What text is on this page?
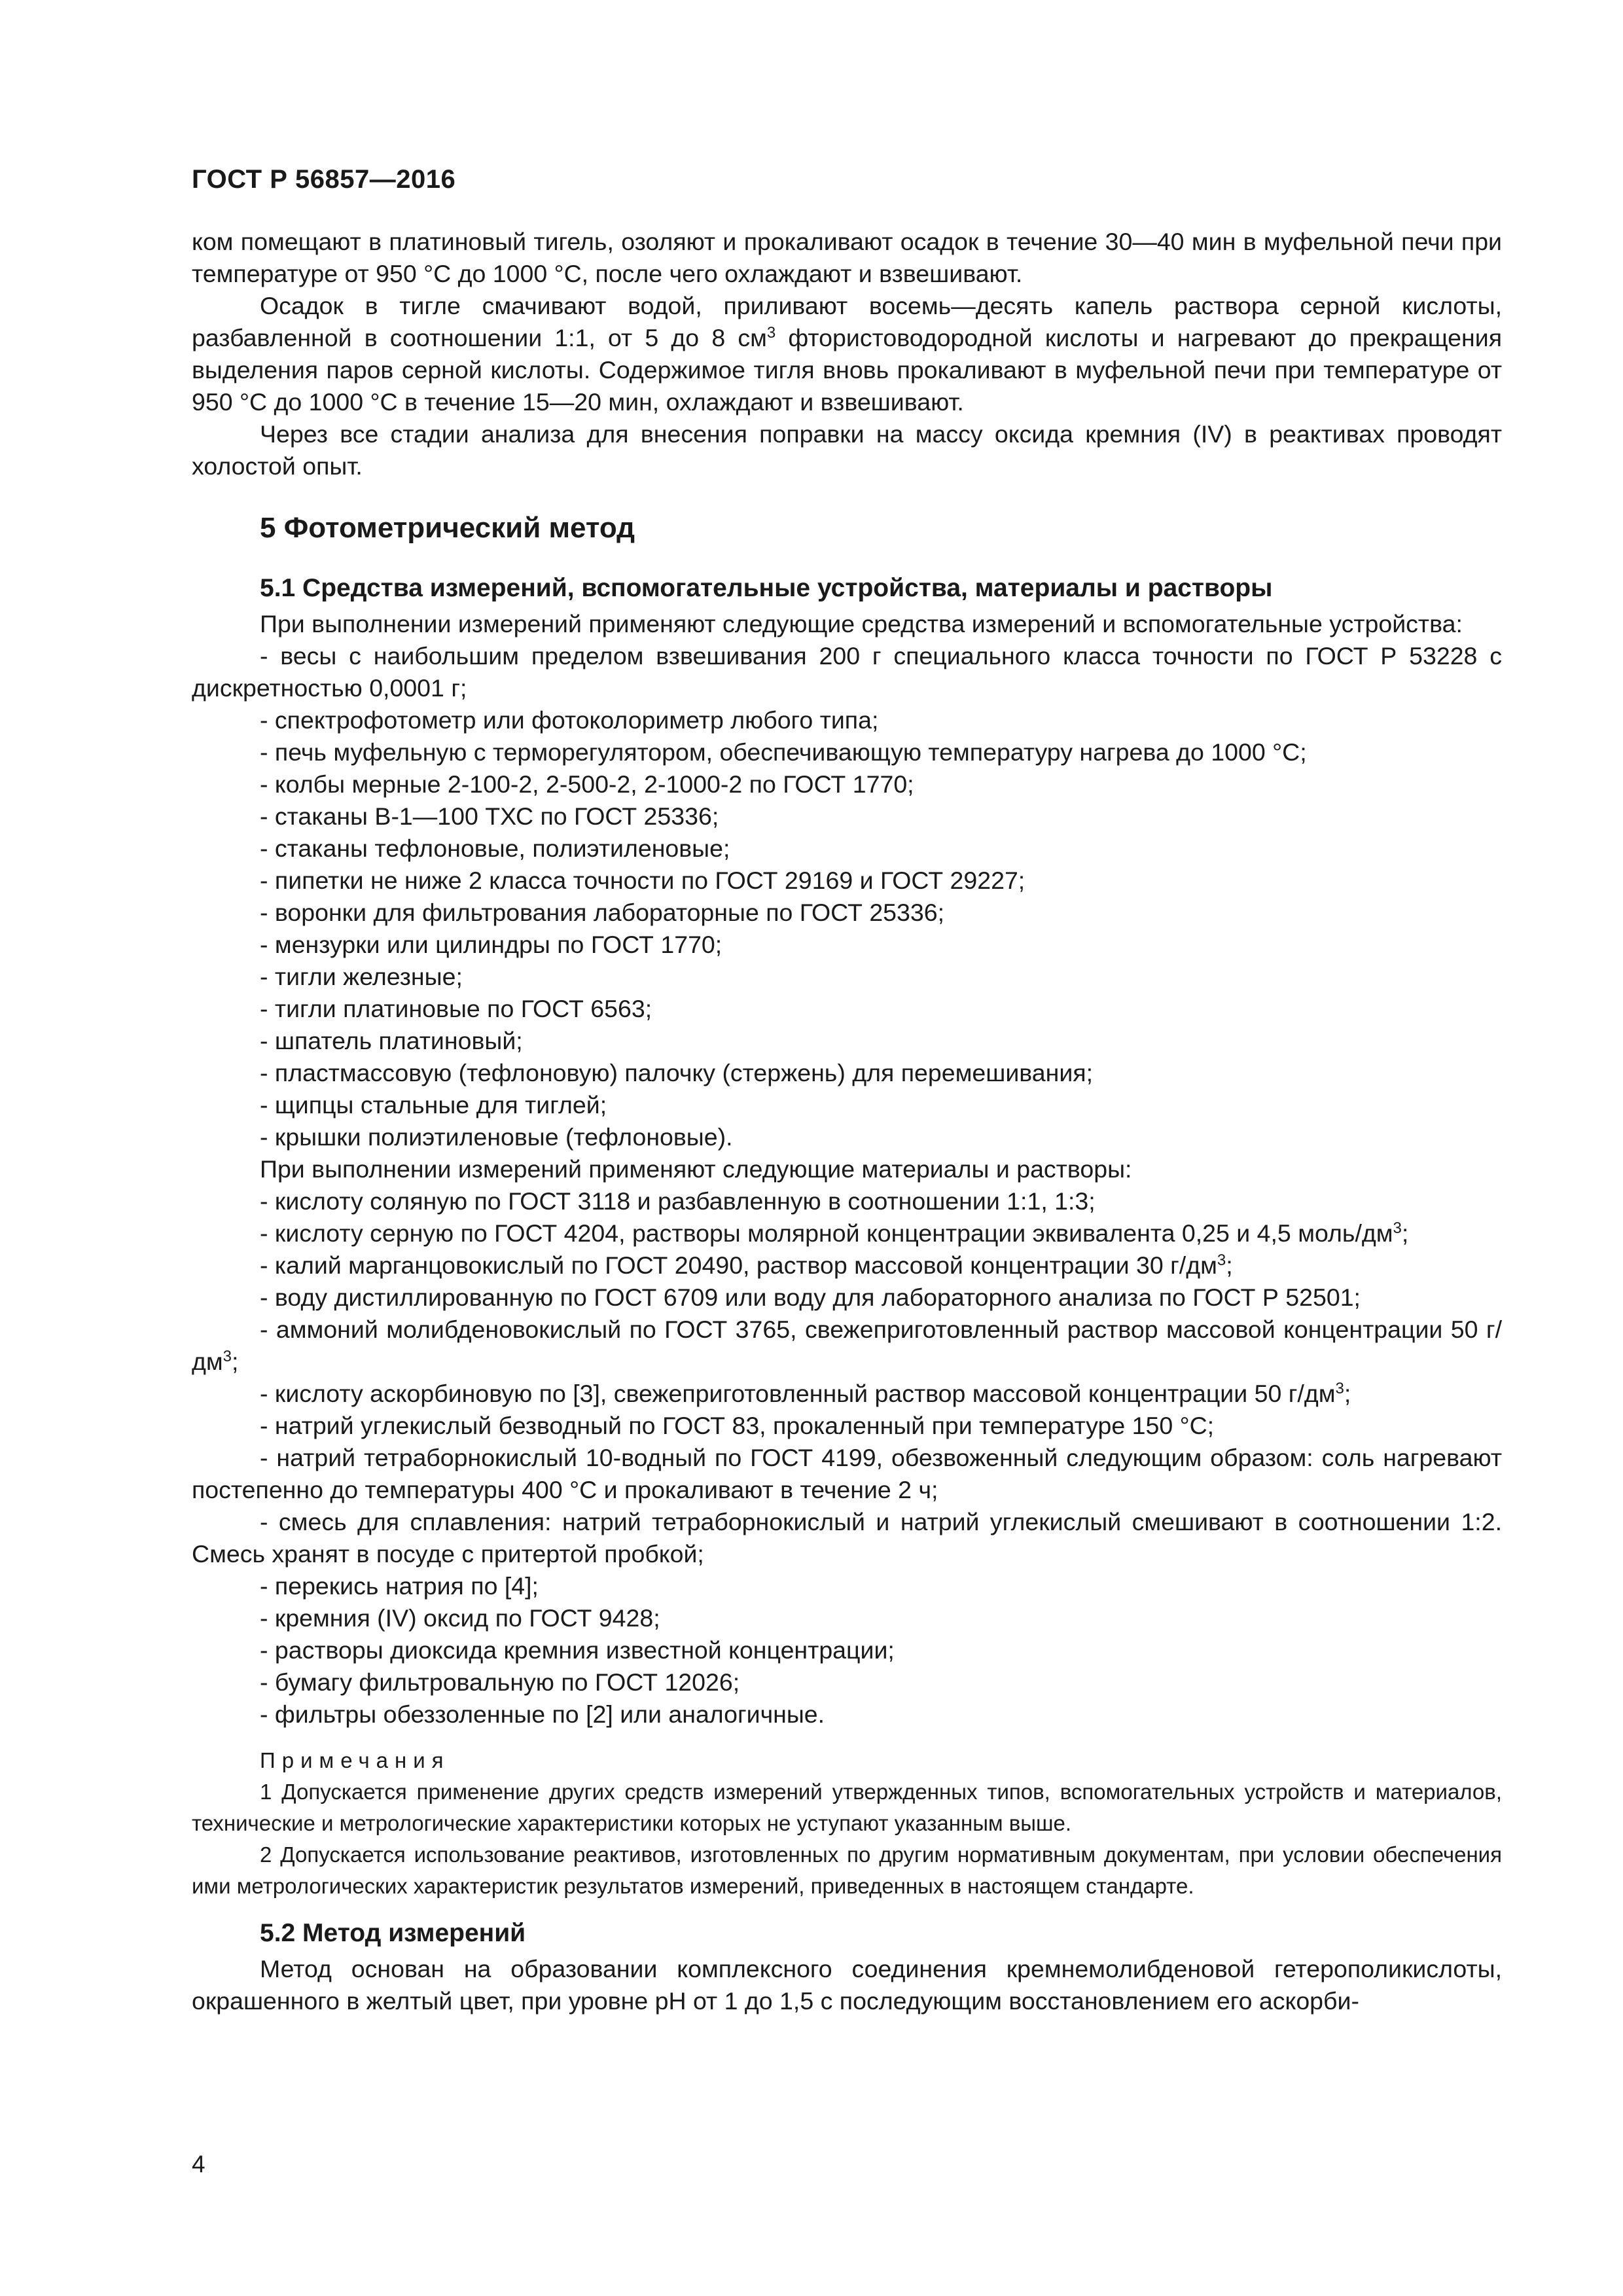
ГОСТ Р 56857—2016

ком помещают в платиновый тигель, озоляют и прокаливают осадок в течение 30—40 мин в муфельной печи при температуре от 950 °С до 1000 °С, после чего охлаждают и взвешивают.

Осадок в тигле смачивают водой, приливают восемь—десять капель раствора серной кислоты, разбавленной в соотношении 1:1, от 5 до 8 $см^3$ фтористоводородной кислоты и нагревают до прекращения выделения паров серной кислоты. Содержимое тигля вновь прокаливают в муфельной печи при температуре от 950 °С до 1000 °С в течение 15—20 мин, охлаждают и взвешивают.

Через все стадии анализа для внесения поправки на массу оксида кремния (IV) в реактивах проводят холостой опыт.

5 Фотометрический метод
5.1 Средства измерений, вспомогательные устройства, материалы и растворы

При выполнении измерений применяют следующие средства измерений и вспомогательные устройства:

- весы с наибольшим пределом взвешивания 200 г специального класса точности по ГОСТ Р 53228 с дискретностью 0,0001 г;

- спектрофотометр или фотоколориметр любого типа;

- печь муфельную с терморегулятором, обеспечивающую температуру нагрева до 1000 °С;

- колбы мерные 2-100-2, 2-500-2, 2-1000-2 по ГОСТ 1770;

- стаканы В-1—100 ТХС по ГОСТ 25336;

- стаканы тефлоновые, полиэтиленовые;

- пипетки не ниже 2 класса точности по ГОСТ 29169 и ГОСТ 29227;

- воронки для фильтрования лабораторные по ГОСТ 25336;

- мензурки или цилиндры по ГОСТ 1770;

- тигли железные;

- тигли платиновые по ГОСТ 6563;

- шпатель платиновый;

- пластмассовую (тефлоновую) палочку (стержень) для перемешивания;

- щипцы стальные для тиглей;

- крышки полиэтиленовые (тефлоновые).

При выполнении измерений применяют следующие материалы и растворы:

- кислоту соляную по ГОСТ 3118 и разбавленную в соотношении 1:1, 1:3;

- кислоту серную по ГОСТ 4204, растворы молярной концентрации эквивалента 0,25 и 4,5 моль/$дм^3$;

- калий марганцовокислый по ГОСТ 20490, раствор массовой концентрации 30 $г/дм^3$;

- воду дистиллированную по ГОСТ 6709 или воду для лабораторного анализа по ГОСТ Р 52501;

- аммоний молибденовокислый по ГОСТ 3765, свежеприготовленный раствор массовой концентрации 50 $г/дм^3$;

- кислоту аскорбиновую по [3], свежеприготовленный раствор массовой концентрации 50 $г/дм^3$;

- натрий углекислый безводный по ГОСТ 83, прокаленный при температуре 150 °С;

- натрий тетраборнокислый 10-водный по ГОСТ 4199, обезвоженный следующим образом: соль нагревают постепенно до температуры 400 °С и прокаливают в течение 2 ч;

- смесь для сплавления: натрий тетраборнокислый и натрий углекислый смешивают в соотношении 1:2. Смесь хранят в посуде с притертой пробкой;

- перекись натрия по [4];

- кремния (IV) оксид по ГОСТ 9428;

- растворы диоксида кремния известной концентрации;

- бумагу фильтровальную по ГОСТ 12026;

- фильтры обеззоленные по [2] или аналогичные.

Примечания

1 Допускается применение других средств измерений утвержденных типов, вспомогательных устройств и материалов, технические и метрологические характеристики которых не уступают указанным выше.

2 Допускается использование реактивов, изготовленных по другим нормативным документам, при условии обеспечения ими метрологических характеристик результатов измерений, приведенных в настоящем стандарте.

5.2 Метод измерений

Метод основан на образовании комплексного соединения кремнемолибденовой гетерополикислоты, окрашенного в желтый цвет, при уровне рН от 1 до 1,5 с последующим восстановлением его аскорби-

4
